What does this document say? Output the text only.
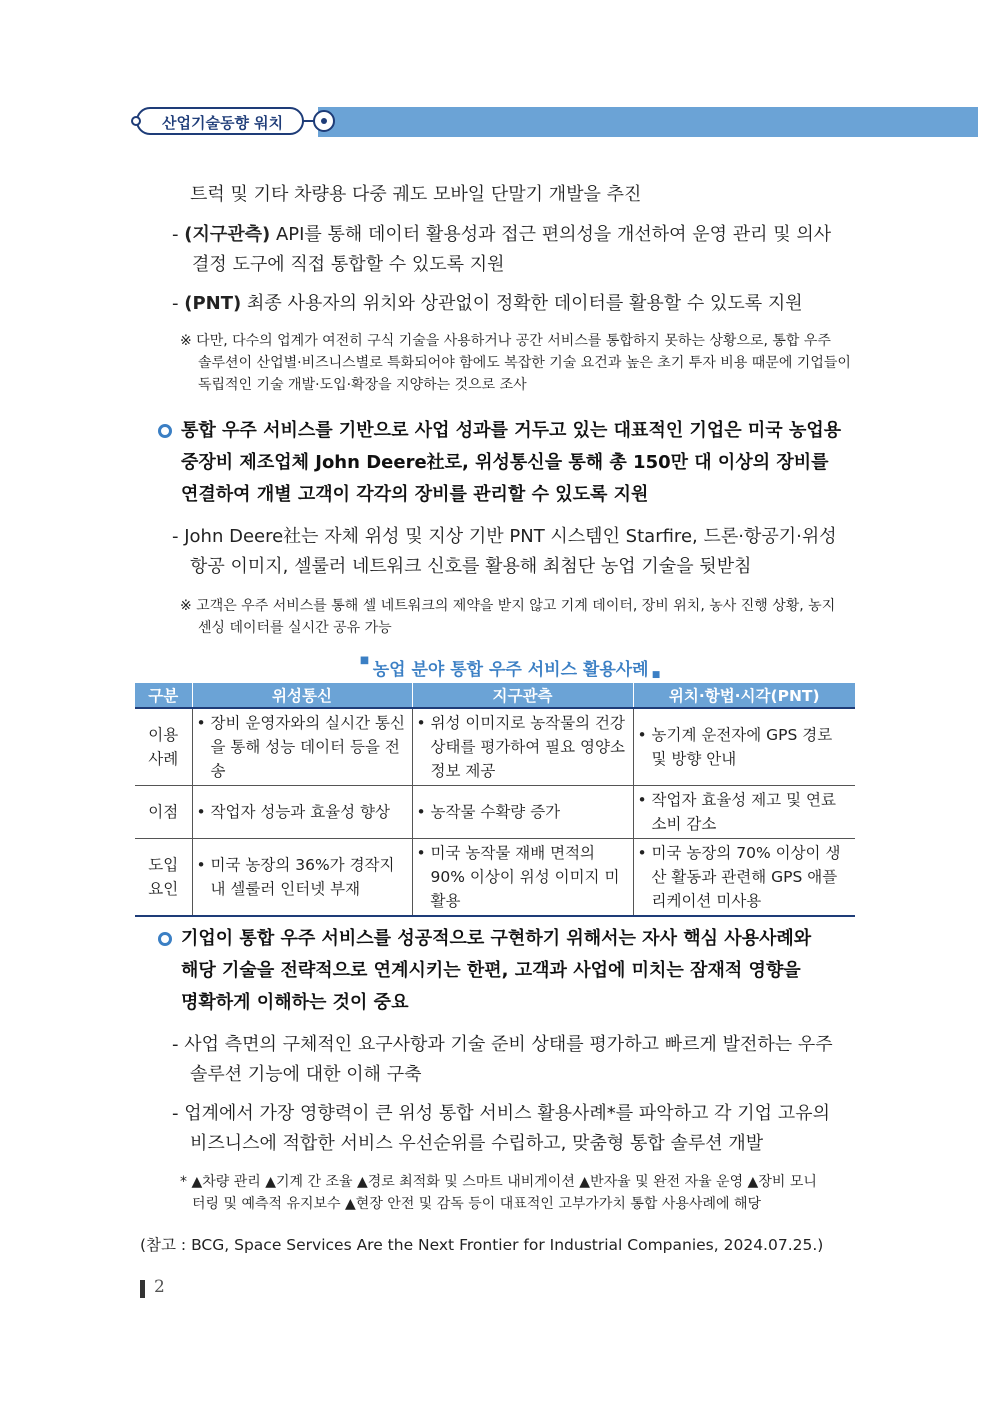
산업기술동향 워치
트럭 및 기타 차량용 다중 궤도 모바일 단말기 개발을 추진
- (지구관측) API를 통해 데이터 활용성과 접근 편의성을 개선하여 운영 관리 및 의사
결정 도구에 직접 통합할 수 있도록 지원
- (PNT) 최종 사용자의 위치와 상관없이 정확한 데이터를 활용할 수 있도록 지원
※ 다만, 다수의 업계가 여전히 구식 기술을 사용하거나 공간 서비스를 통합하지 못하는 상황으로, 통합 우주
솔루션이 산업별·비즈니스별로 특화되어야 함에도 복잡한 기술 요건과 높은 초기 투자 비용 때문에 기업들이
독립적인 기술 개발·도입·확장을 지양하는 것으로 조사
통합 우주 서비스를 기반으로 사업 성과를 거두고 있는 대표적인 기업은 미국 농업용
중장비 제조업체 John Deere社로, 위성통신을 통해 총 150만 대 이상의 장비를
연결하여 개별 고객이 각각의 장비를 관리할 수 있도록 지원
- John Deere社는 자체 위성 및 지상 기반 PNT 시스템인 Starfire, 드론·항공기·위성
항공 이미지, 셀룰러 네트워크 신호를 활용해 최첨단 농업 기술을 뒷받침
※ 고객은 우주 서비스를 통해 셀 네트워크의 제약을 받지 않고 기계 데이터, 장비 위치, 농사 진행 상황, 농지
센싱 데이터를 실시간 공유 가능
■ 농업 분야 통합 우주 서비스 활용사례 ■
구분	위성통신	지구관측	위치·항법·시각(PNT)
이용
사례	• 장비 운영자와의 실시간 통신을 통해 성능 데이터 등을 전송	• 위성 이미지로 농작물의 건강 상태를 평가하여 필요 영양소 정보 제공	• 농기계 운전자에 GPS 경로 및 방향 안내

이점	• 작업자 성능과 효율성 향상	• 농작물 수확량 증가	• 작업자 효율성 제고 및 연료 소비 감소

도입
요인	• 미국 농장의 36%가 경작지 내 셀룰러 인터넷 부재	• 미국 농작물 재배 면적의 90% 이상이 위성 이미지 미활용	• 미국 농장의 70% 이상이 생산 활동과 관련해 GPS 애플리케이션 미사용
기업이 통합 우주 서비스를 성공적으로 구현하기 위해서는 자사 핵심 사용사례와
해당 기술을 전략적으로 연계시키는 한편, 고객과 사업에 미치는 잠재적 영향을
명확하게 이해하는 것이 중요
- 사업 측면의 구체적인 요구사항과 기술 준비 상태를 평가하고 빠르게 발전하는 우주
솔루션 기능에 대한 이해 구축
- 업계에서 가장 영향력이 큰 위성 통합 서비스 활용사례*를 파악하고 각 기업 고유의
비즈니스에 적합한 서비스 우선순위를 수립하고, 맞춤형 통합 솔루션 개발
* ▲차량 관리 ▲기계 간 조율 ▲경로 최적화 및 스마트 내비게이션 ▲반자율 및 완전 자율 운영 ▲장비 모니
터링 및 예측적 유지보수 ▲현장 안전 및 감독 등이 대표적인 고부가가치 통합 사용사례에 해당
(참고 : BCG, Space Services Are the Next Frontier for Industrial Companies, 2024.07.25.)
2
